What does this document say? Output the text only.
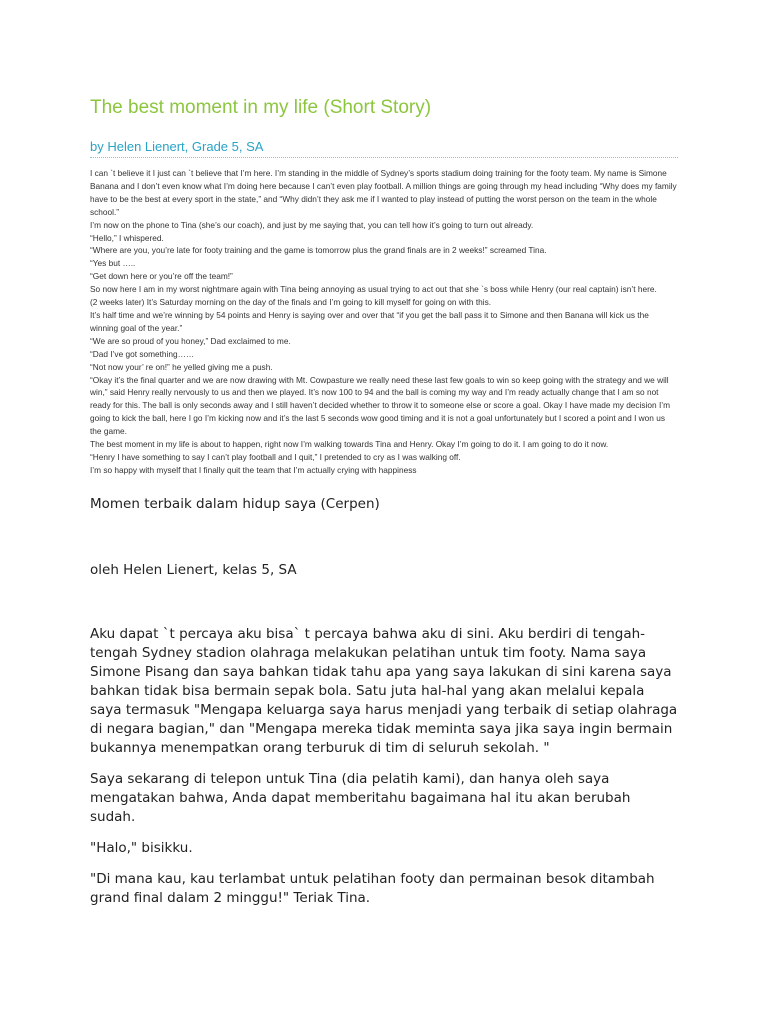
The best moment in my life (Short Story)
by Helen Lienert, Grade 5, SA

I can `t believe it I just can `t believe that I’m here. I’m standing in the middle of Sydney’s sports stadium doing training for the footy team. My name is Simone Banana and I don’t even know what I’m doing here because I can’t even play football. A million things are going through my head including “Why does my family have to be the best at every sport in the state,” and “Why didn’t they ask me if I wanted to play instead of putting the worst person on the team in the whole school.”

I’m now on the phone to Tina (she’s our coach), and just by me saying that, you can tell how it’s going to turn out already.

“Hello,” I whispered.

“Where are you, you’re late for footy training and the game is tomorrow plus the grand finals are in 2 weeks!” screamed Tina.

“Yes but …..

“Get down here or you’re off the team!”

So now here I am in my worst nightmare again with Tina being annoying as usual trying to act out that she `s boss while Henry (our real captain) isn’t here.

(2 weeks later) It’s Saturday morning on the day of the finals and I’m going to kill myself for going on with this.

It’s half time and we’re winning by 54 points and Henry is saying over and over that “if you get the ball pass it to Simone and then Banana will kick us the winning goal of the year.”

“We are so proud of you honey,” Dad exclaimed to me.

“Dad I’ve got something……

“Not now your’ re on!” he yelled giving me a push.

“Okay it’s the final quarter and we are now drawing with Mt. Cowpasture we really need these last few goals to win so keep going with the strategy and we will win,” said Henry really nervously to us and then we played. It’s now 100 to 94 and the ball is coming my way and I’m ready actually change that I am so not ready for this. The ball is only seconds away and I still haven’t decided whether to throw it to someone else or score a goal. Okay I have made my decision I’m going to kick the ball, here I go I’m kicking now and it’s the last 5 seconds wow good timing and it is not a goal unfortunately but I scored a point and I won us the game.

The best moment in my life is about to happen, right now I’m walking towards Tina and Henry. Okay I’m going to do it. I am going to do it now.

“Henry I have something to say I can’t play football and I quit,” I pretended to cry as I was walking off.

I’m so happy with myself that I finally quit the team that I’m actually crying with happiness

Momen terbaik dalam hidup saya (Cerpen)
oleh Helen Lienert, kelas 5, SA

Aku dapat `t percaya aku bisa` t percaya bahwa aku di sini. Aku berdiri di tengah-tengah Sydney stadion olahraga melakukan pelatihan untuk tim footy. Nama saya Simone Pisang dan saya bahkan tidak tahu apa yang saya lakukan di sini karena saya bahkan tidak bisa bermain sepak bola. Satu juta hal-hal yang akan melalui kepala saya termasuk "Mengapa keluarga saya harus menjadi yang terbaik di setiap olahraga di negara bagian," dan "Mengapa mereka tidak meminta saya jika saya ingin bermain bukannya menempatkan orang terburuk di tim di seluruh sekolah. "

Saya sekarang di telepon untuk Tina (dia pelatih kami), dan hanya oleh saya mengatakan bahwa, Anda dapat memberitahu bagaimana hal itu akan berubah sudah.

"Halo," bisikku.

"Di mana kau, kau terlambat untuk pelatihan footy dan permainan besok ditambah grand final dalam 2 minggu!" Teriak Tina.
